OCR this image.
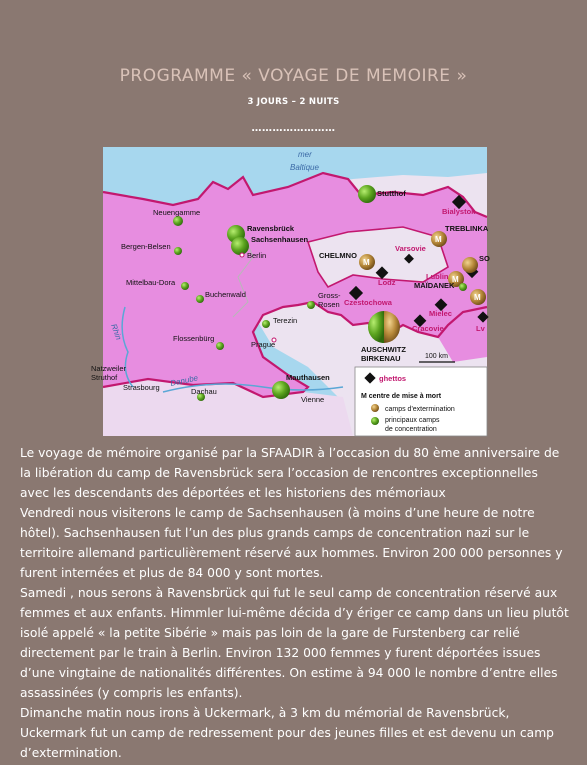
PROGRAMME « VOYAGE DE MEMOIRE »
3 JOURS – 2 NUITS
……………………
mer
Baltique
M
M
M
M
Stutthof
Bialystok
TREBLINKA
SO
Neuengamme
Ravensbrück
Sachsenhausen
Berlin
Bergen-Belsen
CHELMNO
Varsovie
Lodz
Lublin
MAÏDANEK
Mittelbau-Dora
Buchenwald	Gross-
Rosen Czestochowa
Mielec
Terezin
Cracovie	Lv
Flossenbürg
Prague
AUSCHWITZ
BIRKENAU
Natzweiler
Struthof
Strasbourg	Dachau
Mauthausen
Vienne
Rhin
Danube
100 km
ghettos
M centre de mise à mort
camps d'extermination
principaux camps
de concentration

Le voyage de mémoire organisé par la SFAADIR à l’occasion du 80 ème anniversaire de la libération du camp de Ravensbrück sera l’occasion de rencontres exceptionnelles avec les descendants des déportées et les historiens des mémoriaux

Vendredi nous visiterons le camp de Sachsenhausen (à moins d’une heure de notre hôtel). Sachsenhausen fut l’un des plus grands camps de concentration nazi sur le territoire allemand particulièrement réservé aux hommes. Environ 200 000 personnes y furent internées et plus de 84 000 y sont mortes.

Samedi , nous serons à Ravensbrück qui fut le seul camp de concentration réservé aux femmes et aux enfants. Himmler lui-même décida d’y ériger ce camp dans un lieu plutôt isolé appelé « la petite Sibérie » mais pas loin de la gare de Furstenberg car relié directement par le train à Berlin. Environ 132 000 femmes y furent déportées issues d’une vingtaine de nationalités différentes. On estime à 94 000 le nombre d’entre elles assassinées (y compris les enfants).

Dimanche matin nous irons à Uckermark, à 3 km du mémorial de Ravensbrück, Uckermark fut un camp de redressement pour des jeunes filles et est devenu un camp d’extermination.
